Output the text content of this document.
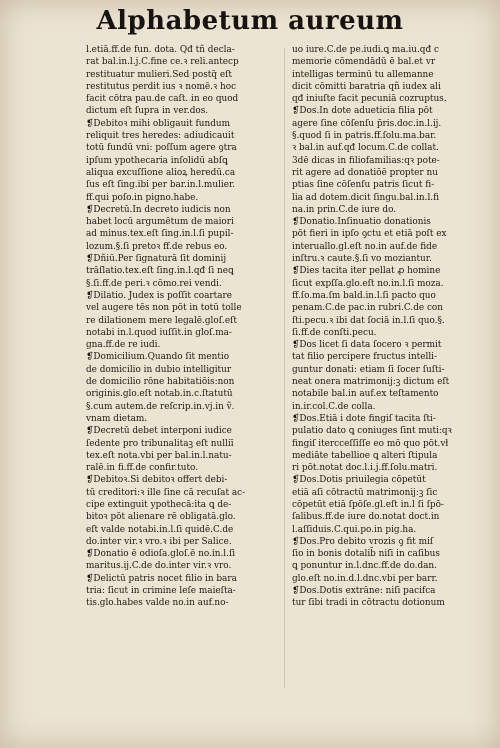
Alphabetum aureum
l.etiā.ff.de fun. dota. Qđ tñ decla-
rat bal.in.l.j.C.fine ce.ꝛ reli.antecp
restituatur mulieri.Sed postq̃ eſt
restitutus perdit ius ꝛ nomē.ꝛ hoc
facit cōtra pau.de caſt. in eo quod
dictum eſt ſupra in ver.dos.
❡Debitoꝛ mihi obligauit fundum
reliquit tres heredes: adiudicauit
totū fundū vni: poſſum agere ꝯtra
ipſum ypothecaria inſolidū abſꝗ
aliqua excuſſione alioꝝ heredū.ca
ſus eſt ſing.ibi per bar.in.l.mulier.
ff.qui poſo.in pigno.habe.
❡Decretū.In decreto iudicis non
habet locū argumētum de maiori
ad minus.tex.eſt ſing.in.l.ſi pupil-
lozum.§.ſi pretoꝛ ff.de rebus eo.
❡Dñiū.Per ſignaturā ſit dominij
trāſlatio.tex.eſt ſing.in.l.qđ ſi neꝗ
§.ſi.ff.de peri.ꝛ cōmo.rei vendi.
❡Dilatio. Judex is poſſit coartare
vel augere tēs non pōt in totū tolle
re dilationem mere legalē.gloſ.eſt
notabi in.l.quod iuſſit.in gloſ.ma-
gna.ff.de re iudi.
❡Domicilium.Quando ſit mentio
de domicilio in dubio intelligitur
de domicilio rōne habitatiōis:non
originis.glo.eſt notab.in.c.ſtatutū
§.cum autem.de reſcrip.in.vj.in ṽ.
vnam dietam.
❡Decretū debet interponi iudice
ſedente pro tribunalitaꝫ eſt nulliī
tex.eſt nota.vbi per bal.in.l.natu-
ralē.in fi.ff.de confir.tuto.
❡Debitoꝛ.Si debitoꝛ offert debi-
tū creditori:ꝛ ille ſine cā recuſat ac-
cipe extinguit ypothecā:ita ꝗ de-
bitoꝛ pōt alienare rē obligatā.glo.
eſt valde notabi.in.l.ſi quidē.C.de
do.inter vir.ꝛ vro.ꝛ ibi per Salice.
❡Donatio ē odioſa.gloſ.ē no.in.l.ſi
maritus.ij.C.de do.inter vir.ꝛ vro.
❡Delictū patris nocet filio in bara
tria: ſicut in crimine leſe maieſta-
tis.glo.habes valde no.in auf.no-
uo iure.C.de pe.iudi.ꝗ ma.iu.qđ c
memorie cōmendādū ē bal.et vr
intelligas terminū tu allemanne
dicit cōmitti baratria qñ iudex ali
qđ iniuſte facit pecuniā cozruptus.
❡Dos.In dote adueticia filia pōt
agere ſine cōſenſu p̄ris.doc.in.l.ij.
§.quod ſi in patris.ff.ſolu.ma.bar.
ꝛ bal.in auf.qđ locum.C.de collat.
3dē dicas in filiofamilias:qꝛ pote-
rit agere ad donatiōē propter nu
ptias ſine cōſenſu patris ſicut fi-
lia ad dotem.dicit ſingu.bal.in.l.fi
na.in prin.C.de iure do.
❡Donatio.Inſinuatio donationis
pōt fieri in ipſo ꝯctu et etiā poſt ex
interuallo.gl.eſt no.in auf.de fide
inſtru.ꝛ caute.§.ſi vo moziantur.
❡Dies tacita iter pellat ꝓ homine
ſicut expſſa.glo.eſt no.in.l.ſi moza.
ff.ſo.ma.ſm bald.in.l.ſi pacto quo
penam.C.de pac.in rubri.C.de con
ſti.pecu.ꝛ ibi dat ſociā in.l.ſi quo.§.
ſi.ff.de conſti.pecu.
❡Dos licet ſi data ſocero ꝛ permit
tat filio percipere fructus intelli-
guntur donati: etiam ſi ſocer ſuſti-
neat onera matrimonij:ꝫ dictum eſt
notabile bal.in auf.ex teſtamento
in.ir.col.C.de colla.
❡Dos.Etiā i dote fingiſ tacita ſti-
pulatio dato ꝗ coniuges ſint muti:qꝛ
fingiſ itercceſſiſſe eo mō quo pōt.vł
mediāte tabellioe ꝗ alteri ſtipula
ri pōt.notat doc.l.i.j.ff.ſolu.matri.
❡Dos.Dotis priuilegia cōpetūt
etiā aſi cōtractū matrimonij:ꝫ ſic
cōpetūt etiā ſpōſe.gl.eſt in.l ſi ſpō-
ſalibus.ff.de iure do.notat doct.in
l.aſſiduis.C.qui.po.in pig.ha.
❡Dos.Pro debito vrozis ꝯ fit miſ
ſio in bonis dotalib̄ niſi in caſibus
ꝗ ponuntur in.l.dnc.ff.de do.dan.
glo.eſt no.in.d.l.dnc.vbi per barr.
❡Dos.Dotis extrāne: niſi pacifca
tur ſibi tradi in cōtractu dotionum
